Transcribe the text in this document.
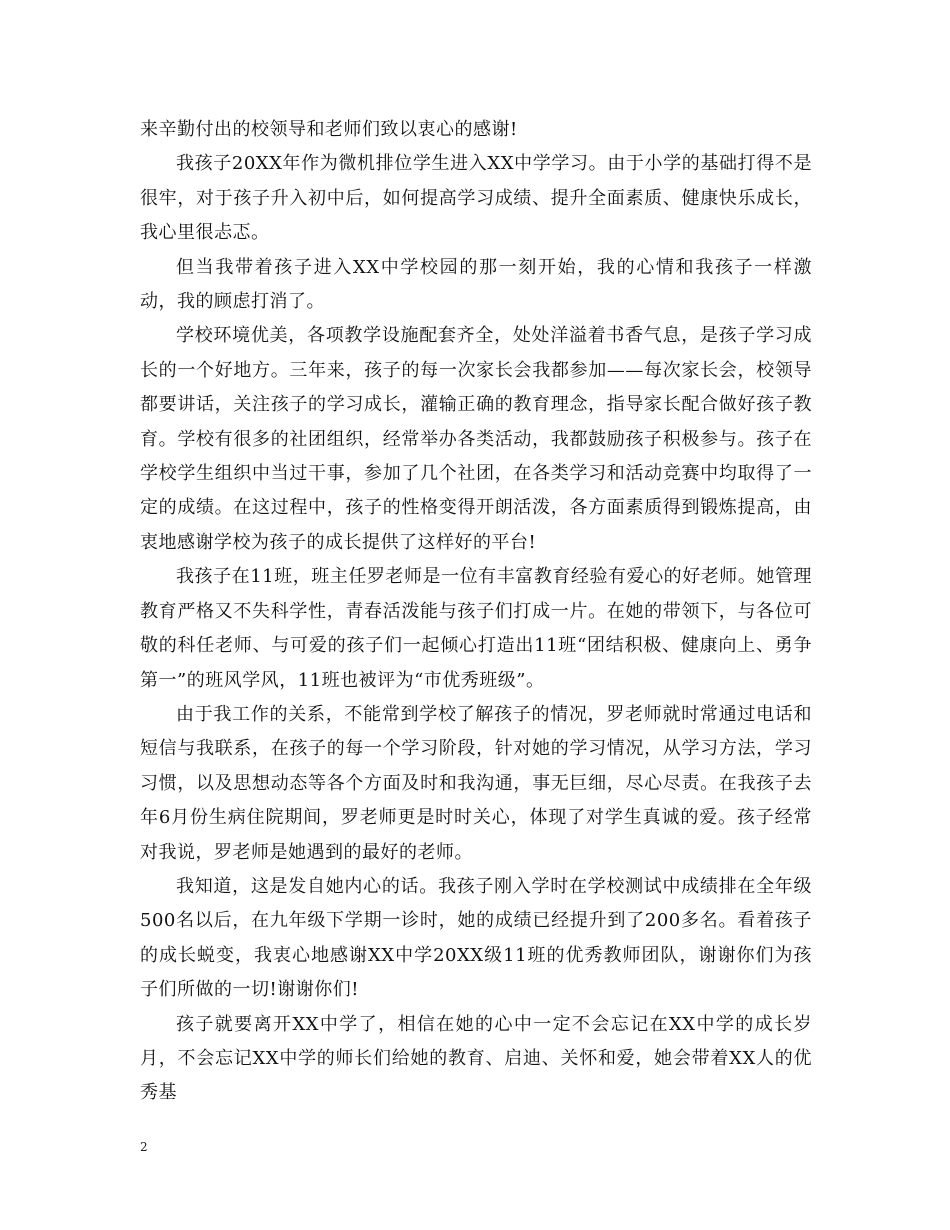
来辛勤付出的校领导和老师们致以衷心的感谢!

我孩子20XX年作为微机排位学生进入XX中学学习。由于小学的基础打得不是很牢，对于孩子升入初中后，如何提高学习成绩、提升全面素质、健康快乐成长，我心里很忐忑。

但当我带着孩子进入XX中学校园的那一刻开始，我的心情和我孩子一样激动，我的顾虑打消了。

学校环境优美，各项教学设施配套齐全，处处洋溢着书香气息，是孩子学习成长的一个好地方。三年来，孩子的每一次家长会我都参加——每次家长会，校领导都要讲话，关注孩子的学习成长，灌输正确的教育理念，指导家长配合做好孩子教育。学校有很多的社团组织，经常举办各类活动，我都鼓励孩子积极参与。孩子在学校学生组织中当过干事，参加了几个社团，在各类学习和活动竞赛中均取得了一定的成绩。在这过程中，孩子的性格变得开朗活泼，各方面素质得到锻炼提高，由衷地感谢学校为孩子的成长提供了这样好的平台!

我孩子在11班，班主任罗老师是一位有丰富教育经验有爱心的好老师。她管理教育严格又不失科学性，青春活泼能与孩子们打成一片。在她的带领下，与各位可敬的科任老师、与可爱的孩子们一起倾心打造出11班“团结积极、健康向上、勇争第一”的班风学风，11班也被评为“市优秀班级”。

由于我工作的关系，不能常到学校了解孩子的情况，罗老师就时常通过电话和短信与我联系，在孩子的每一个学习阶段，针对她的学习情况，从学习方法，学习习惯，以及思想动态等各个方面及时和我沟通，事无巨细，尽心尽责。在我孩子去年6月份生病住院期间，罗老师更是时时关心，体现了对学生真诚的爱。孩子经常对我说，罗老师是她遇到的最好的老师。

我知道，这是发自她内心的话。我孩子刚入学时在学校测试中成绩排在全年级500名以后，在九年级下学期一诊时，她的成绩已经提升到了200多名。看着孩子的成长蜕变，我衷心地感谢XX中学20XX级11班的优秀教师团队，谢谢你们为孩子们所做的一切!谢谢你们!

孩子就要离开XX中学了，相信在她的心中一定不会忘记在XX中学的成长岁月，不会忘记XX中学的师长们给她的教育、启迪、关怀和爱，她会带着XX人的优秀基

2
